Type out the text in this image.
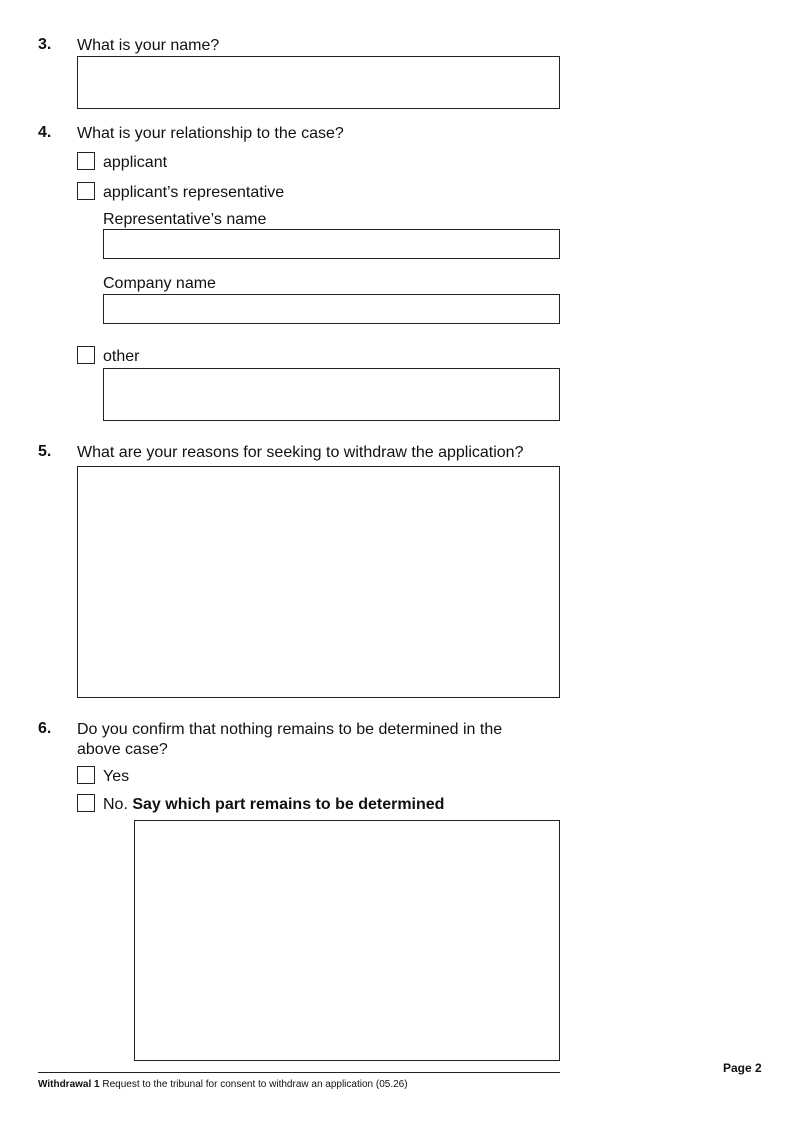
3. What is your name?
4. What is your relationship to the case?
applicant
applicant’s representative
Representative’s name
Company name
other
5. What are your reasons for seeking to withdraw the application?
6. Do you confirm that nothing remains to be determined in the
above case?
Yes
No. Say which part remains to be determined
Page 2
Withdrawal 1 Request to the tribunal for consent to withdraw an application (05.26)
